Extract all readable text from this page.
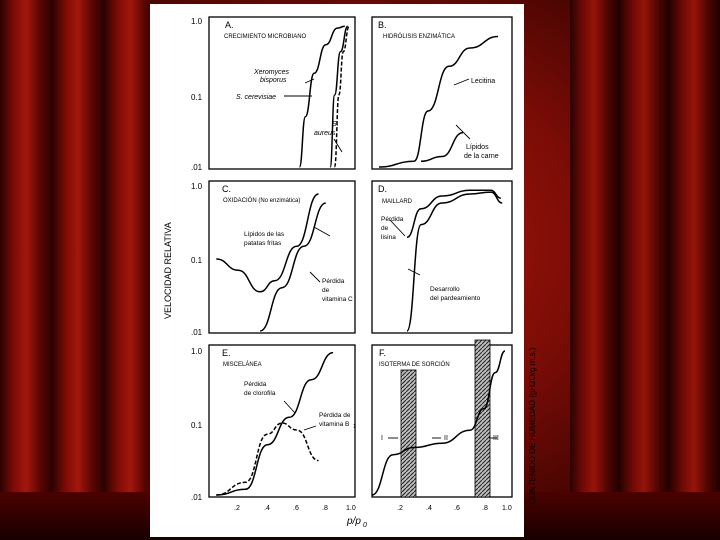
A.	B.
C.	D.
E.	F.
CRECIMIENTO MICROBIANO	HIDRÓLISIS ENZIMÁTICA
OXIDACIÓN (No enzimática)	MAILLARD
MISCELÁNEA	ISOTERMA DE SORCIÓN
Xeromyces
bisporus
S. cerevisiae
S.
aureus
Lecitina
Lípidos
de la carne
Lípidos de las
patatas fritas
Pérdida
de
vitamina C
Pérdida
de
lisina
Desarrollo
del pardeamiento
Pérdida
de clorofila
Pérdida de
vitamina B 1
I	II	III
1.0
0.1
.01
1.0
0.1
.01
1.0
0.1
.01
.2	.4	.6	.8	1.0	.2	.4	.6	.8 1.0
VELOCIDAD RELATIVA
CONTENIDO DE HUMEDAD (gH2O/g m.s.)
p/p 0
